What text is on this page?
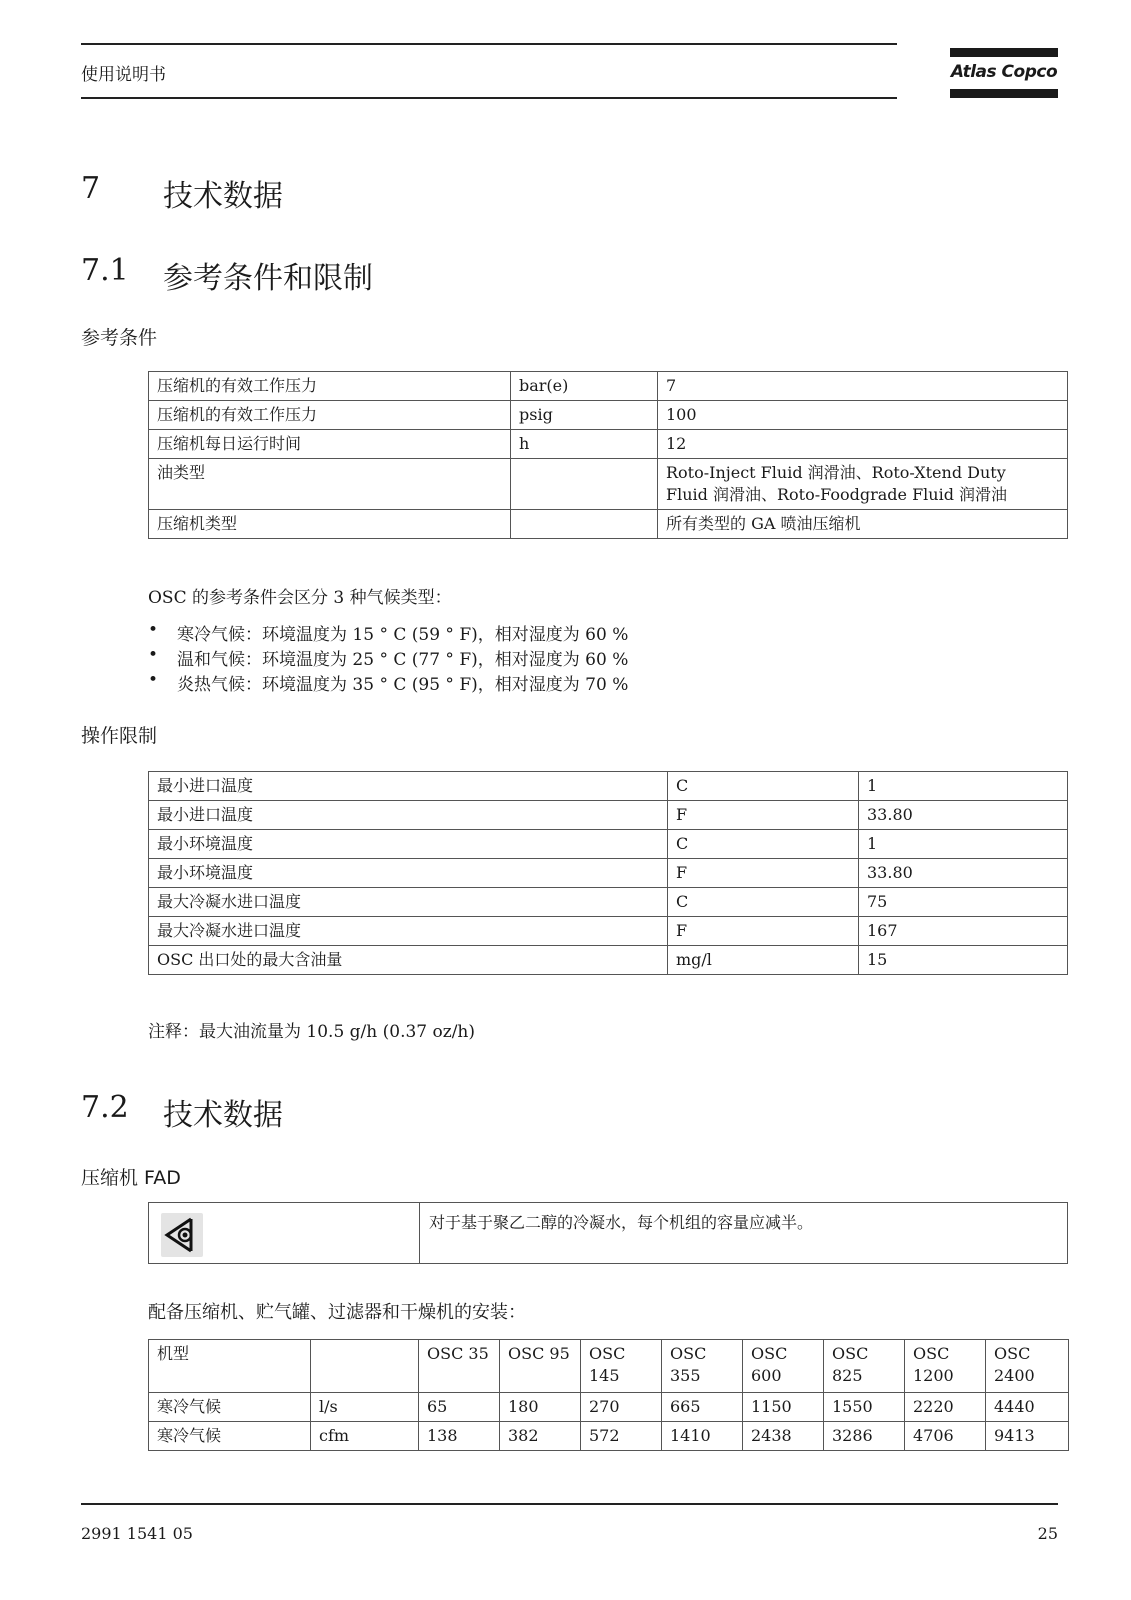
使用说明书	Atlas Copco
7 技术数据
7.1 参考条件和限制
参考条件
压缩机的有效工作压力	bar(e)	7
压缩机的有效工作压力	psig	100
压缩机每日运行时间	h	12
油类型		Roto-Inject Fluid 润滑油、Roto-Xtend Duty
Fluid 润滑油、Roto-Foodgrade Fluid 润滑油

压缩机类型		所有类型的 GA 喷油压缩机
OSC 的参考条件会区分 3 种气候类型：
• 寒冷气候：环境温度为 15 ° C (59 ° F)，相对湿度为 60 %
• 温和气候：环境温度为 25 ° C (77 ° F)，相对湿度为 60 %
• 炎热气候：环境温度为 35 ° C (95 ° F)，相对湿度为 70 %
操作限制
最小进口温度	C	1
最小进口温度	F	33.80
最小环境温度	C	1
最小环境温度	F	33.80
最大冷凝水进口温度	C	75
最大冷凝水进口温度	F	167
OSC 出口处的最大含油量	mg/l	15
注释：最大油流量为 10.5 g/h (0.37 oz/h)
7.2 技术数据
压缩机 FAD
对于基于聚乙二醇的冷凝水，每个机组的容量应减半。
配备压缩机、贮气罐、过滤器和干燥机的安装：
机型		OSC 35	OSC 95	OSC 145	OSC 355	OSC 600	OSC 825	OSC 1200	OSC 2400
寒冷气候	l/s	65	180	270	665	1150	1550	2220	4440
寒冷气候	cfm	138	382	572	1410	2438	3286	4706	9413
2991 1541 05	25
